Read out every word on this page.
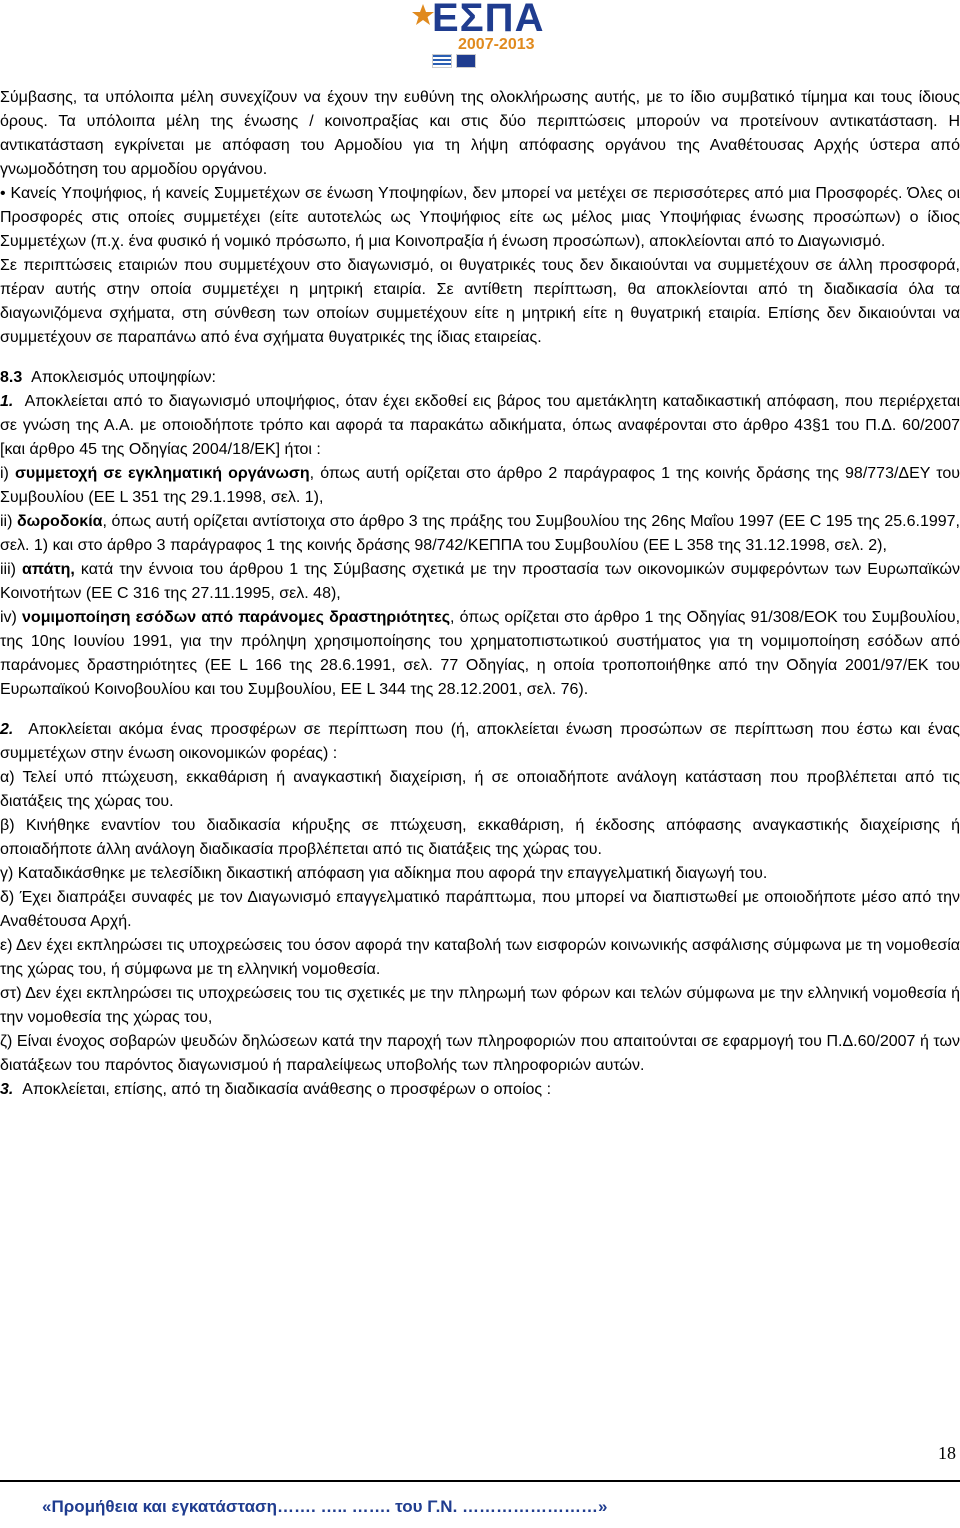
ΕΣΠΑ
2007-2013

Σύμβασης, τα υπόλοιπα μέλη συνεχίζουν να έχουν την ευθύνη της ολοκλήρωσης αυτής, με το ίδιο συμβατικό τίμημα και τους ίδιους όρους. Τα υπόλοιπα μέλη της ένωσης / κοινοπραξίας και στις δύο περιπτώσεις μπορούν να προτείνουν αντικατάσταση. Η αντικατάσταση εγκρίνεται με απόφαση του Αρμοδίου για τη λήψη απόφασης οργάνου της Αναθέτουσας Αρχής ύστερα από γνωμοδότηση του αρμοδίου οργάνου.

• Κανείς Υποψήφιος, ή κανείς Συμμετέχων σε ένωση Υποψηφίων, δεν μπορεί να μετέχει σε περισσότερες από μια Προσφορές. Όλες οι Προσφορές στις οποίες συμμετέχει (είτε αυτοτελώς ως Υποψήφιος είτε ως μέλος μιας Υποψήφιας ένωσης προσώπων) ο ίδιος Συμμετέχων (π.χ. ένα φυσικό ή νομικό πρόσωπο, ή μια Κοινοπραξία ή ένωση προσώπων), αποκλείονται από το Διαγωνισμό.

Σε περιπτώσεις εταιριών που συμμετέχουν στο διαγωνισμό, οι θυγατρικές τους δεν δικαιούνται να συμμετέχουν σε άλλη προσφορά, πέραν αυτής στην οποία συμμετέχει η μητρική εταιρία. Σε αντίθετη περίπτωση, θα αποκλείονται από τη διαδικασία όλα τα διαγωνιζόμενα σχήματα, στη σύνθεση των οποίων συμμετέχουν είτε η μητρική είτε η θυγατρική εταιρία. Επίσης δεν δικαιούνται να συμμετέχουν σε παραπάνω από ένα σχήματα θυγατρικές της ίδιας εταιρείας.

8.3 Αποκλεισμός υποψηφίων:

1. Αποκλείεται από το διαγωνισμό υποψήφιος, όταν έχει εκδοθεί εις βάρος του αμετάκλητη καταδικαστική απόφαση, που περιέρχεται σε γνώση της Α.Α. με οποιοδήποτε τρόπο και αφορά τα παρακάτω αδικήματα, όπως αναφέρονται στο άρθρο 43§1 του Π.Δ. 60/2007 [και άρθρο 45 της Οδηγίας 2004/18/ΕΚ] ήτοι :

i) συμμετοχή σε εγκληματική οργάνωση, όπως αυτή ορίζεται στο άρθρο 2 παράγραφος 1 της κοινής δράσης της 98/773/ΔΕΥ του Συμβουλίου (ΕΕ L 351 της 29.1.1998, σελ. 1),

ii) δωροδοκία, όπως αυτή ορίζεται αντίστοιχα στο άρθρο 3 της πράξης του Συμβουλίου της 26ης Μαΐου 1997 (ΕΕ C 195 της 25.6.1997, σελ. 1) και στο άρθρο 3 παράγραφος 1 της κοινής δράσης 98/742/ΚΕΠΠΑ του Συμβουλίου (ΕΕ L 358 της 31.12.1998, σελ. 2),

iii) απάτη, κατά την έννοια του άρθρου 1 της Σύμβασης σχετικά με την προστασία των οικονομικών συμφερόντων των Ευρωπαϊκών Κοινοτήτων (ΕΕ C 316 της 27.11.1995, σελ. 48),

iv) νομιμοποίηση εσόδων από παράνομες δραστηριότητες, όπως ορίζεται στο άρθρο 1 της Οδηγίας 91/308/ΕΟΚ του Συμβουλίου, της 10ης Ιουνίου 1991, για την πρόληψη χρησιμοποίησης του χρηματοπιστωτικού συστήματος για τη νομιμοποίηση εσόδων από παράνομες δραστηριότητες (ΕΕ L 166 της 28.6.1991, σελ. 77 Οδηγίας, η οποία τροποποιήθηκε από την Οδηγία 2001/97/ΕΚ του Ευρωπαϊκού Κοινοβουλίου και του Συμβουλίου, ΕΕ L 344 της 28.12.2001, σελ. 76).

2. Αποκλείεται ακόμα ένας προσφέρων σε περίπτωση που (ή, αποκλείεται ένωση προσώπων σε περίπτωση που έστω και ένας συμμετέχων στην ένωση οικονομικών φορέας) :

α) Τελεί υπό πτώχευση, εκκαθάριση ή αναγκαστική διαχείριση, ή σε οποιαδήποτε ανάλογη κατάσταση που προβλέπεται από τις διατάξεις της χώρας του.

β) Κινήθηκε εναντίον του διαδικασία κήρυξης σε πτώχευση, εκκαθάριση, ή έκδοσης απόφασης αναγκαστικής διαχείρισης ή οποιαδήποτε άλλη ανάλογη διαδικασία προβλέπεται από τις διατάξεις της χώρας του.

γ) Καταδικάσθηκε με τελεσίδικη δικαστική απόφαση για αδίκημα που αφορά την επαγγελματική διαγωγή του.

δ) Έχει διαπράξει συναφές με τον Διαγωνισμό επαγγελματικό παράπτωμα, που μπορεί να διαπιστωθεί με οποιοδήποτε μέσο από την Αναθέτουσα Αρχή.

ε) Δεν έχει εκπληρώσει τις υποχρεώσεις του όσον αφορά την καταβολή των εισφορών κοινωνικής ασφάλισης σύμφωνα με τη νομοθεσία της χώρας του, ή σύμφωνα με τη ελληνική νομοθεσία.

στ) Δεν έχει εκπληρώσει τις υποχρεώσεις του τις σχετικές με την πληρωμή των φόρων και τελών σύμφωνα με την ελληνική νομοθεσία ή την νομοθεσία της χώρας του,

ζ) Είναι ένοχος σοβαρών ψευδών δηλώσεων κατά την παροχή των πληροφοριών που απαιτούνται σε εφαρμογή του Π.Δ.60/2007 ή των διατάξεων του παρόντος διαγωνισμού ή παραλείψεως υποβολής των πληροφοριών αυτών.

3. Αποκλείεται, επίσης, από τη διαδικασία ανάθεσης ο προσφέρων ο οποίος :

18
«Προμήθεια και εγκατάσταση……. ….. ……. του Γ.Ν. ……………………»
